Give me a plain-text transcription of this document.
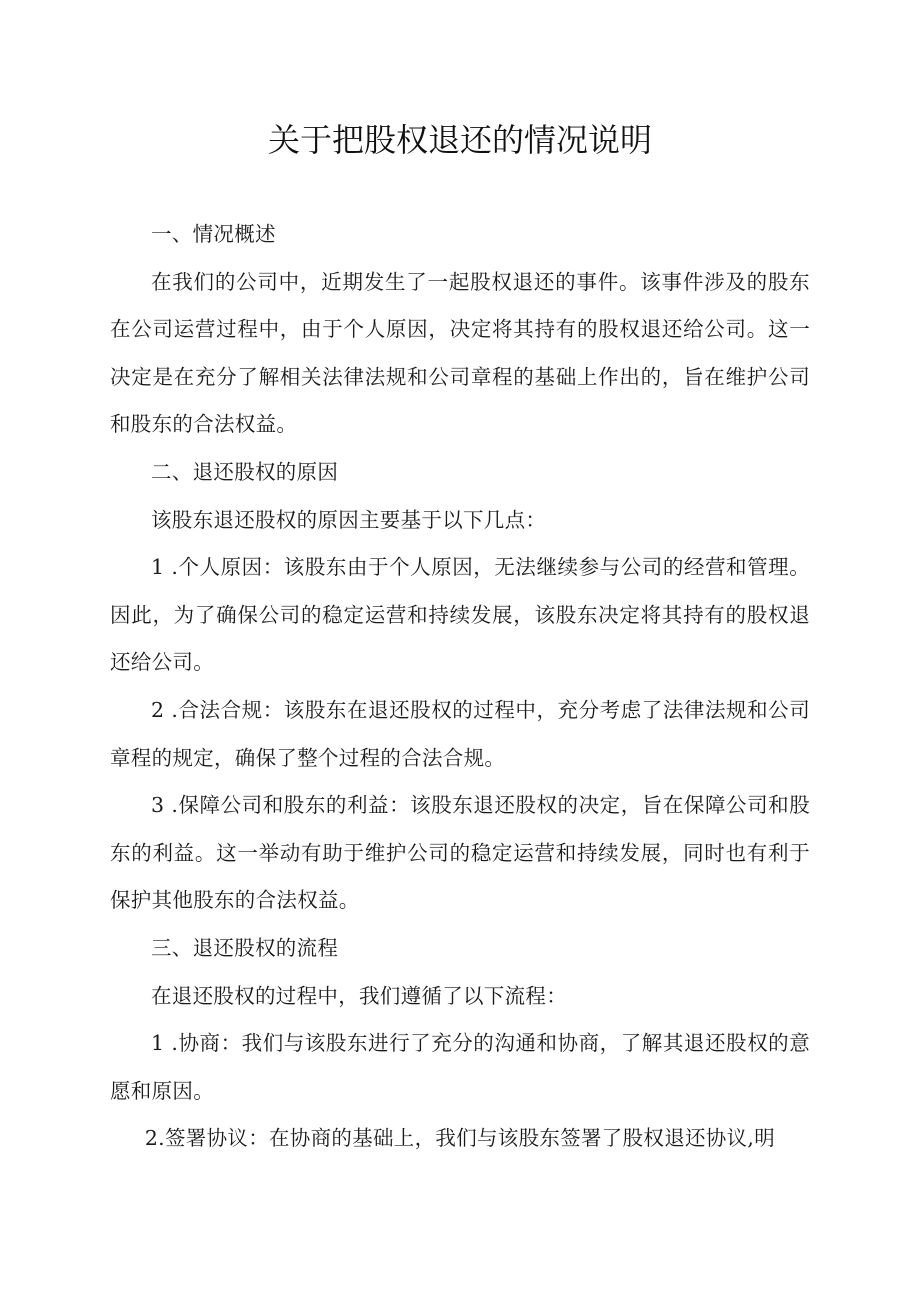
关于把股权退还的情况说明

一、情况概述

在我们的公司中，近期发生了一起股权退还的事件。该事件涉及的股东在公司运营过程中，由于个人原因，决定将其持有的股权退还给公司。这一决定是在充分了解相关法律法规和公司章程的基础上作出的，旨在维护公司和股东的合法权益。

二、退还股权的原因

该股东退还股权的原因主要基于以下几点：

1 .个人原因：该股东由于个人原因，无法继续参与公司的经营和管理。因此，为了确保公司的稳定运营和持续发展，该股东决定将其持有的股权退还给公司。

2 .合法合规：该股东在退还股权的过程中，充分考虑了法律法规和公司章程的规定，确保了整个过程的合法合规。

3 .保障公司和股东的利益：该股东退还股权的决定，旨在保障公司和股东的利益。这一举动有助于维护公司的稳定运营和持续发展，同时也有利于保护其他股东的合法权益。

三、退还股权的流程

在退还股权的过程中，我们遵循了以下流程：

1 .协商：我们与该股东进行了充分的沟通和协商，了解其退还股权的意愿和原因。

2.签署协议：在协商的基础上，我们与该股东签署了股权退还协议,明
